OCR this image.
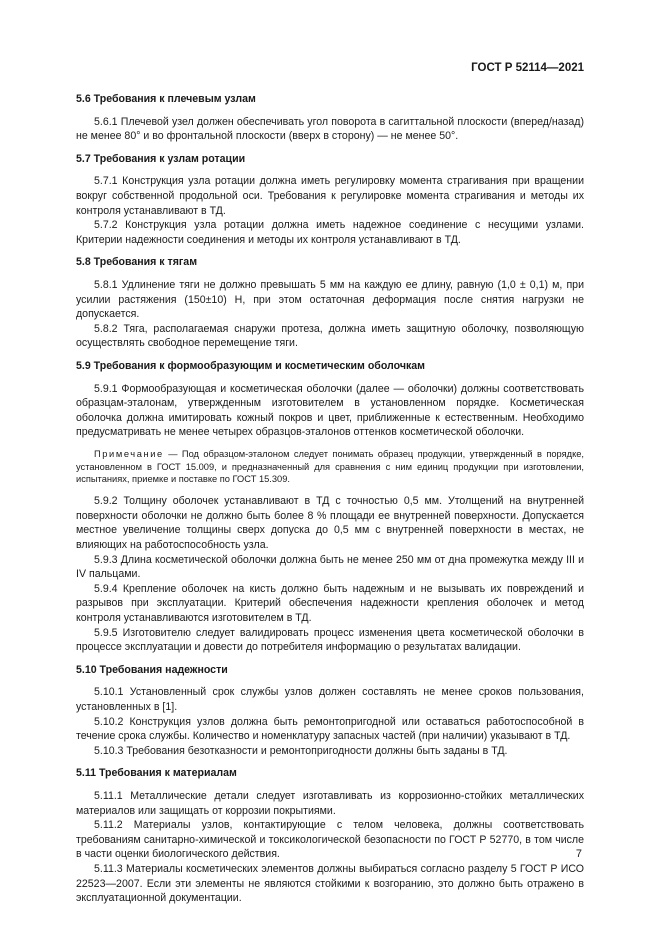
ГОСТ Р 52114—2021
5.6 Требования к плечевым узлам

5.6.1 Плечевой узел должен обеспечивать угол поворота в сагиттальной плоскости (вперед/назад) не менее 80° и во фронтальной плоскости (вверх в сторону) — не менее 50°.

5.7 Требования к узлам ротации

5.7.1 Конструкция узла ротации должна иметь регулировку момента страгивания при вращении вокруг собственной продольной оси. Требования к регулировке момента страгивания и методы их контроля устанавливают в ТД.

5.7.2 Конструкция узла ротации должна иметь надежное соединение с несущими узлами. Критерии надежности соединения и методы их контроля устанавливают в ТД.

5.8 Требования к тягам

5.8.1 Удлинение тяги не должно превышать 5 мм на каждую ее длину, равную (1,0 ± 0,1) м, при усилии растяжения (150±10) Н, при этом остаточная деформация после снятия нагрузки не допускается.

5.8.2 Тяга, располагаемая снаружи протеза, должна иметь защитную оболочку, позволяющую осуществлять свободное перемещение тяги.

5.9 Требования к формообразующим и косметическим оболочкам

5.9.1 Формообразующая и косметическая оболочки (далее — оболочки) должны соответствовать образцам-эталонам, утвержденным изготовителем в установленном порядке. Косметическая оболочка должна имитировать кожный покров и цвет, приближенные к естественным. Необходимо предусматривать не менее четырех образцов-эталонов оттенков косметической оболочки.

Примечание — Под образцом-эталоном следует понимать образец продукции, утвержденный в порядке, установленном в ГОСТ 15.009, и предназначенный для сравнения с ним единиц продукции при изготовлении, испытаниях, приемке и поставке по ГОСТ 15.309.

5.9.2 Толщину оболочек устанавливают в ТД с точностью 0,5 мм. Утолщений на внутренней поверхности оболочки не должно быть более 8 % площади ее внутренней поверхности. Допускается местное увеличение толщины сверх допуска до 0,5 мм с внутренней поверхности в местах, не влияющих на работоспособность узла.

5.9.3 Длина косметической оболочки должна быть не менее 250 мм от дна промежутка между III и IV пальцами.

5.9.4 Крепление оболочек на кисть должно быть надежным и не вызывать их повреждений и разрывов при эксплуатации. Критерий обеспечения надежности крепления оболочек и метод контроля устанавливаются изготовителем в ТД.

5.9.5 Изготовителю следует валидировать процесс изменения цвета косметической оболочки в процессе эксплуатации и довести до потребителя информацию о результатах валидации.

5.10 Требования надежности

5.10.1 Установленный срок службы узлов должен составлять не менее сроков пользования, установленных в [1].

5.10.2 Конструкция узлов должна быть ремонтопригодной или оставаться работоспособной в течение срока службы. Количество и номенклатуру запасных частей (при наличии) указывают в ТД.

5.10.3 Требования безотказности и ремонтопригодности должны быть заданы в ТД.

5.11 Требования к материалам

5.11.1 Металлические детали следует изготавливать из коррозионно-стойких металлических материалов или защищать от коррозии покрытиями.

5.11.2 Материалы узлов, контактирующие с телом человека, должны соответствовать требованиям санитарно-химической и токсикологической безопасности по ГОСТ Р 52770, в том числе в части оценки биологического действия.

5.11.3 Материалы косметических элементов должны выбираться согласно разделу 5 ГОСТ Р ИСО 22523—2007. Если эти элементы не являются стойкими к возгоранию, это должно быть отражено в эксплуатационной документации.

7
